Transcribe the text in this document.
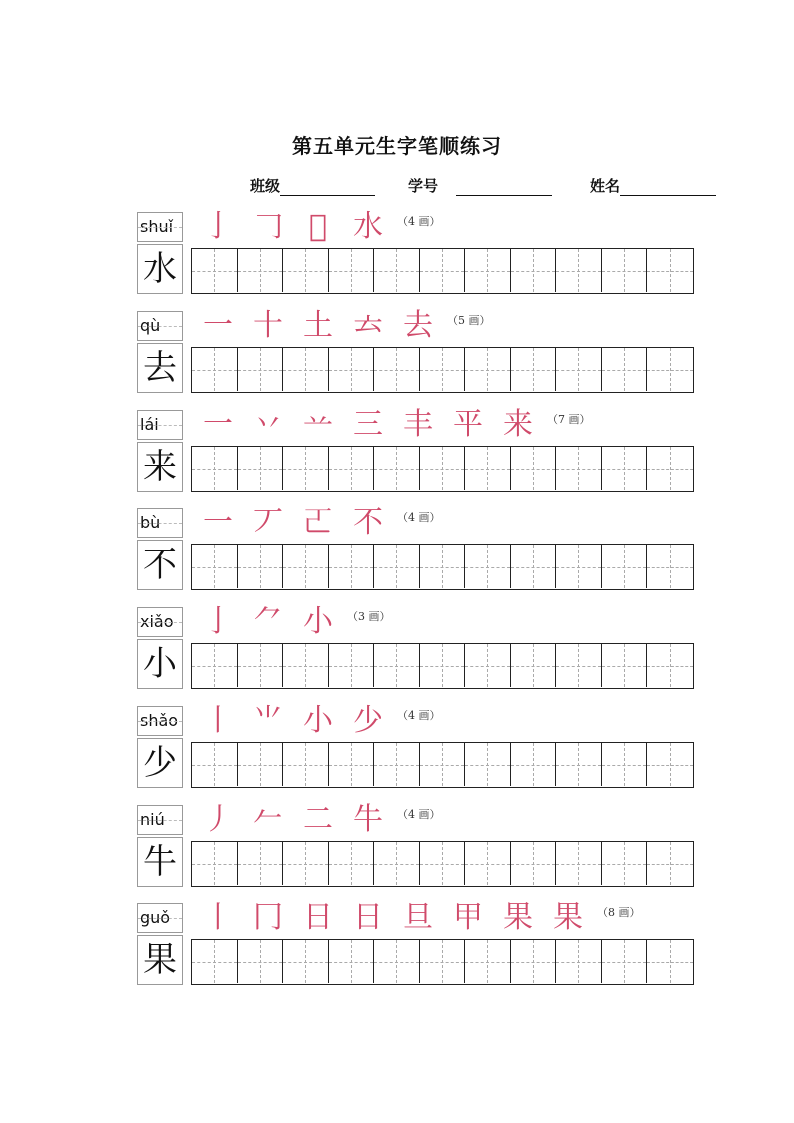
第五单元生字笔顺练习
班级	学号	姓名
shuǐ
水
亅 𠃌 𣱵 水 （4 画）
qù
去
一 十 土 𠫓 去 （5 画）
lái
来
一 丷 䒑 三 丰 平 来 （7 画）
bù
不
一 丆 𠀀 不 （4 画）
xiǎo
小
亅 ⺈ 小 （3 画）
shǎo
少
丨 ⺌ 小 少 （4 画）
niú
牛
丿 𠂉 二 牛 （4 画）
guǒ
果
丨 冂 日 日 旦 甲 果 果 （8 画）
